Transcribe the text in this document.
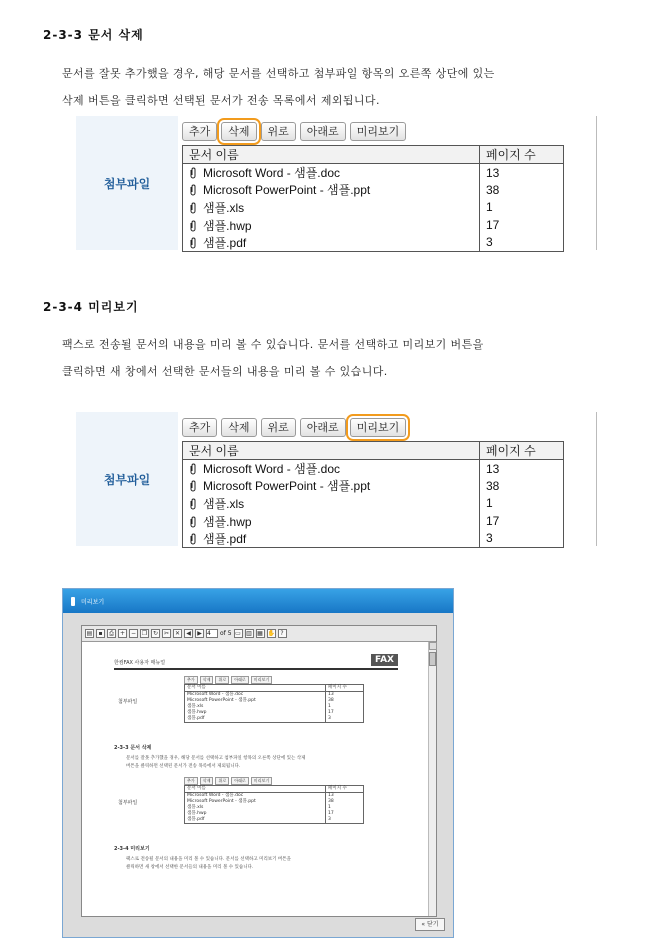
2-3-3 문서 삭제
문서를 잘못 추가했을 경우, 해당 문서를 선택하고 첨부파일 항목의 오른쪽 상단에 있는
삭제 버튼을 클릭하면 선택된 문서가 전송 목록에서 제외됩니다.
첨부파일
추가	삭제	위로	아래로	미리보기
문서 이름	페이지 수
Microsoft Word - 샘플.doc	13
Microsoft PowerPoint - 샘플.ppt	38
샘플.xls	1
샘플.hwp	17
샘플.pdf	3
2-3-4 미리보기
팩스로 전송될 문서의 내용을 미리 볼 수 있습니다. 문서를 선택하고 미리보기 버튼을
클릭하면 새 창에서 선택한 문서들의 내용을 미리 볼 수 있습니다.
첨부파일
추가	삭제	위로	아래로	미리보기
문서 이름	페이지 수
Microsoft Word - 샘플.doc	13
Microsoft PowerPoint - 샘플.ppt	38
샘플.xls	1
샘플.hwp	17
샘플.pdf	3
미리보기
▤	▪	⎙	+ − ❐ ↻ ✂ ✕	◀	▶ 4	of 5 ▭ ▥ ▦ ✋ ?
한컴FAX 사용자 매뉴얼	FAX
첨부파일
추가	삭제	위로	아래로	미리보기
문서 이름	페이지 수
Microsoft Word - 샘플.doc	13
Microsoft PowerPoint - 샘플.ppt	38
샘플.xls	1
샘플.hwp	17
샘플.pdf	3
2-3-3 문서 삭제
문서를 잘못 추가했을 경우, 해당 문서를 선택하고 첨부파일 항목의 오른쪽 상단에 있는 삭제
버튼을 클릭하면 선택된 문서가 전송 목록에서 제외됩니다.
첨부파일
추가	삭제	위로	아래로	미리보기
문서 이름	페이지 수
Microsoft Word - 샘플.doc	13
Microsoft PowerPoint - 샘플.ppt	38
샘플.xls	1
샘플.hwp	17
샘플.pdf	3
2-3-4 미리보기
팩스로 전송될 문서의 내용을 미리 볼 수 있습니다. 문서를 선택하고 미리보기 버튼을
클릭하면 새 창에서 선택한 문서들의 내용을 미리 볼 수 있습니다.
« 닫기
